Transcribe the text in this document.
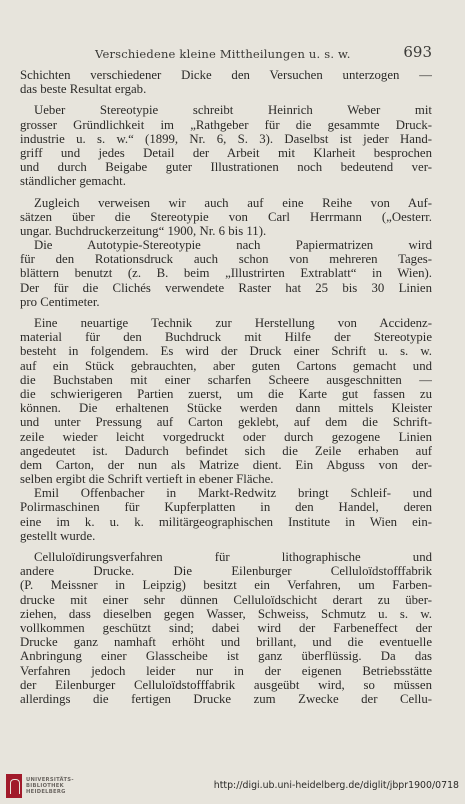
Verschiedene kleine Mittheilungen u. s. w.	693
Schichten verschiedener Dicke den Versuchen unterzogen —
das beste Resultat ergab.
Ueber Stereotypie schreibt Heinrich Weber mit
grosser Gründlichkeit im „Rathgeber für die gesammte Druck-
industrie u. s. w.“ (1899, Nr. 6, S. 3). Daselbst ist jeder Hand-
griff und jedes Detail der Arbeit mit Klarheit besprochen
und durch Beigabe guter Illustrationen noch bedeutend ver-
ständlicher gemacht.
Zugleich verweisen wir auch auf eine Reihe von Auf-
sätzen über die Stereotypie von Carl Herrmann („Oesterr.
ungar. Buchdruckerzeitung“ 1900, Nr. 6 bis 11).
Die Autotypie-Stereotypie nach Papiermatrizen wird
für den Rotationsdruck auch schon von mehreren Tages-
blättern benutzt (z. B. beim „Illustrirten Extrablatt“ in Wien).
Der für die Clichés verwendete Raster hat 25 bis 30 Linien
pro Centimeter.
Eine neuartige Technik zur Herstellung von Accidenz-
material für den Buchdruck mit Hilfe der Stereotypie
besteht in folgendem. Es wird der Druck einer Schrift u. s. w.
auf ein Stück gebrauchten, aber guten Cartons gemacht und
die Buchstaben mit einer scharfen Scheere ausgeschnitten —
die schwierigeren Partien zuerst, um die Karte gut fassen zu
können. Die erhaltenen Stücke werden dann mittels Kleister
und unter Pressung auf Carton geklebt, auf dem die Schrift-
zeile wieder leicht vorgedruckt oder durch gezogene Linien
angedeutet ist. Dadurch befindet sich die Zeile erhaben auf
dem Carton, der nun als Matrize dient. Ein Abguss von der-
selben ergibt die Schrift vertieft in ebener Fläche.
Emil Offenbacher in Markt-Redwitz bringt Schleif- und
Polirmaschinen für Kupferplatten in den Handel, deren
eine im k. u. k. militärgeographischen Institute in Wien ein-
gestellt wurde.
Celluloïdirungsverfahren für lithographische und
andere Drucke. Die Eilenburger Celluloïdstofffabrik
(P. Meissner in Leipzig) besitzt ein Verfahren, um Farben-
drucke mit einer sehr dünnen Celluloïdschicht derart zu über-
ziehen, dass dieselben gegen Wasser, Schweiss, Schmutz u. s. w.
vollkommen geschützt sind; dabei wird der Farbeneffect der
Drucke ganz namhaft erhöht und brillant, und die eventuelle
Anbringung einer Glasscheibe ist ganz überflüssig. Da das
Verfahren jedoch leider nur in der eigenen Betriebsstätte
der Eilenburger Celluloïdstofffabrik ausgeübt wird, so müssen
allerdings die fertigen Drucke zum Zwecke der Cellu-
UNIVERSITÄTS-
BIBLIOTHEK
HEIDELBERG
http://digi.ub.uni-heidelberg.de/diglit/jbpr1900/0718
